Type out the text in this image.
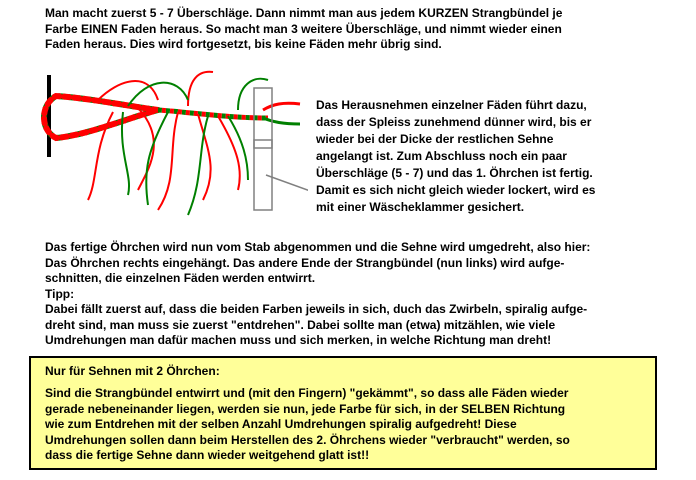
Man macht zuerst 5 - 7 Überschläge. Dann nimmt man aus jedem KURZEN Strangbündel je
Farbe EINEN Faden heraus. So macht man 3 weitere Überschläge, und nimmt wieder einen
Faden heraus. Dies wird fortgesetzt, bis keine Fäden mehr übrig sind.
Das Herausnehmen einzelner Fäden führt dazu,
dass der Spleiss zunehmend dünner wird, bis er
wieder bei der Dicke der restlichen Sehne
angelangt ist. Zum Abschluss noch ein paar
Überschläge (5 - 7) und das 1. Öhrchen ist fertig.
Damit es sich nicht gleich wieder lockert, wird es
mit einer Wäscheklammer gesichert.
Das fertige Öhrchen wird nun vom Stab abgenommen und die Sehne wird umgedreht, also hier:
Das Öhrchen rechts eingehängt. Das andere Ende der Strangbündel (nun links) wird aufge-
schnitten, die einzelnen Fäden werden entwirrt.
Tipp:
Dabei fällt zuerst auf, dass die beiden Farben jeweils in sich, duch das Zwirbeln, spiralig aufge-
dreht sind, man muss sie zuerst "entdrehen". Dabei sollte man (etwa) mitzählen, wie viele
Umdrehungen man dafür machen muss und sich merken, in welche Richtung man dreht!
Nur für Sehnen mit 2 Öhrchen:
Sind die Strangbündel entwirrt und (mit den Fingern) "gekämmt", so dass alle Fäden wieder
gerade nebeneinander liegen, werden sie nun, jede Farbe für sich, in der SELBEN Richtung
wie zum Entdrehen mit der selben Anzahl Umdrehungen spiralig aufgedreht! Diese
Umdrehungen sollen dann beim Herstellen des 2. Öhrchens wieder "verbraucht" werden, so
dass die fertige Sehne dann wieder weitgehend glatt ist!!
